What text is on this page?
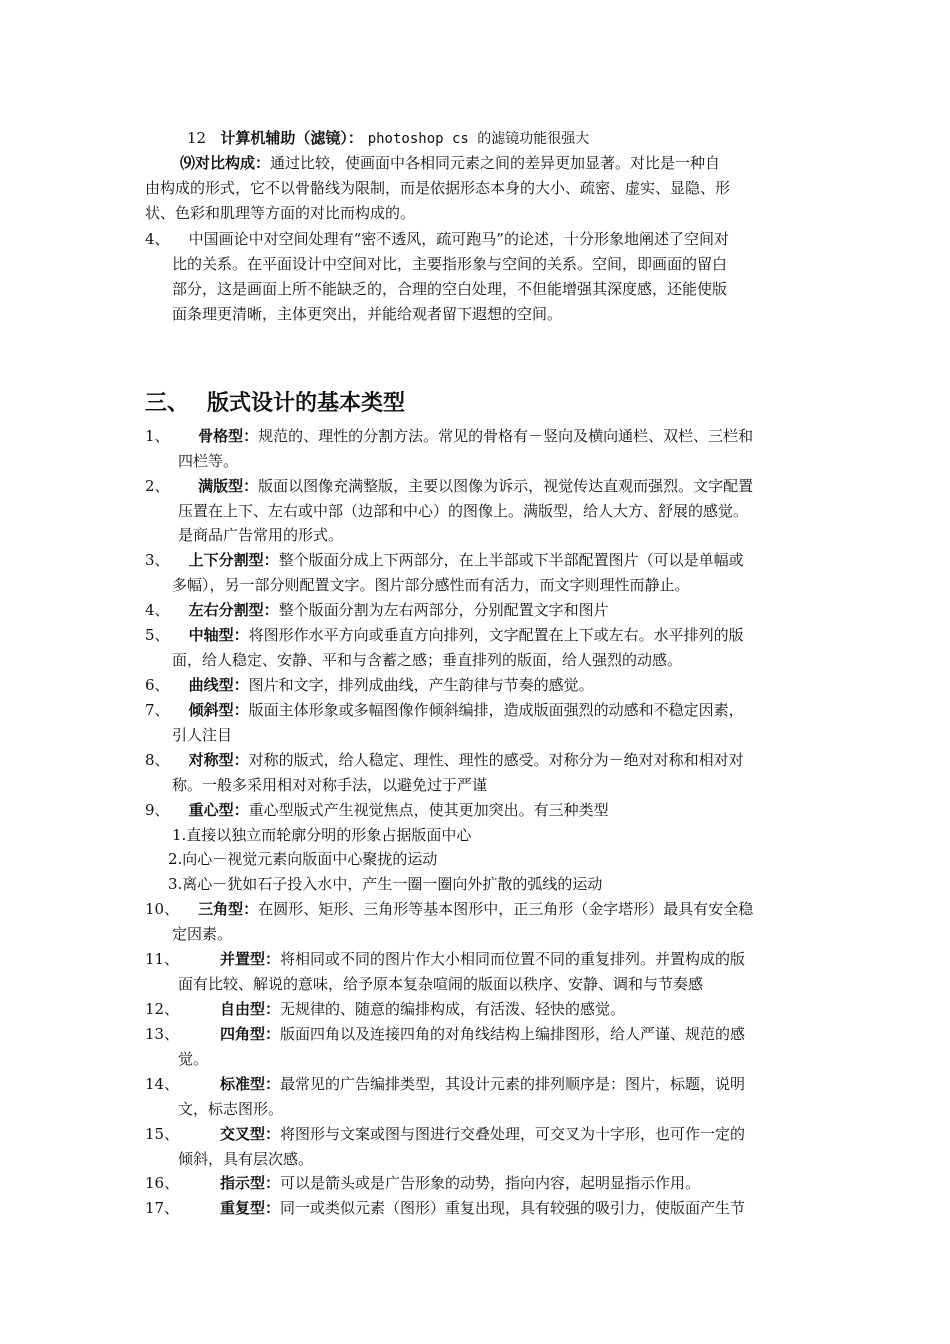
12 计算机辅助（滤镜）： photoshop cs 的滤镜功能很强大
⑼对比构成：通过比较，使画面中各相同元素之间的差异更加显著。对比是一种自
由构成的形式，它不以骨骼线为限制，而是依据形态本身的大小、疏密、虚实、显隐、形
状、色彩和肌理等方面的对比而构成的。
4、 中国画论中对空间处理有“密不透风，疏可跑马”的论述，十分形象地阐述了空间对
比的关系。在平面设计中空间对比，主要指形象与空间的关系。空间，即画面的留白
部分，这是画面上所不能缺乏的，合理的空白处理，不但能增强其深度感，还能使版
面条理更清晰，主体更突出，并能给观者留下遐想的空间。
三、 版式设计的基本类型
1、 骨格型：规范的、理性的分割方法。常见的骨格有－竖向及横向通栏、双栏、三栏和
四栏等。
2、 满版型：版面以图像充满整版，主要以图像为诉示，视觉传达直观而强烈。文字配置
压置在上下、左右或中部（边部和中心）的图像上。满版型，给人大方、舒展的感觉。
是商品广告常用的形式。
3、 上下分割型：整个版面分成上下两部分，在上半部或下半部配置图片（可以是单幅或
多幅），另一部分则配置文字。图片部分感性而有活力，而文字则理性而静止。
4、 左右分割型：整个版面分割为左右两部分，分别配置文字和图片
5、 中轴型：将图形作水平方向或垂直方向排列，文字配置在上下或左右。水平排列的版
面，给人稳定、安静、平和与含蓄之感；垂直排列的版面，给人强烈的动感。
6、 曲线型：图片和文字，排列成曲线，产生韵律与节奏的感觉。
7、 倾斜型：版面主体形象或多幅图像作倾斜编排，造成版面强烈的动感和不稳定因素，
引人注目
8、 对称型：对称的版式，给人稳定、理性、理性的感受。对称分为－绝对对称和相对对
称。一般多采用相对对称手法，以避免过于严谨
9、 重心型：重心型版式产生视觉焦点，使其更加突出。有三种类型
1.直接以独立而轮廓分明的形象占据版面中心
2.向心－视觉元素向版面中心聚拢的运动
3.离心－犹如石子投入水中，产生一圈一圈向外扩散的弧线的运动
10、 三角型：在圆形、矩形、三角形等基本图形中，正三角形（金字塔形）最具有安全稳
定因素。
11、	并置型：将相同或不同的图片作大小相同而位置不同的重复排列。并置构成的版
面有比较、解说的意味，给予原本复杂喧闹的版面以秩序、安静、调和与节奏感
12、	自由型：无规律的、随意的编排构成，有活泼、轻快的感觉。
13、	四角型：版面四角以及连接四角的对角线结构上编排图形，给人严谨、规范的感
觉。
14、	标准型：最常见的广告编排类型，其设计元素的排列顺序是：图片，标题，说明
文，标志图形。
15、	交叉型：将图形与文案或图与图进行交叠处理，可交叉为十字形，也可作一定的
倾斜，具有层次感。
16、	指示型：可以是箭头或是广告形象的动势，指向内容，起明显指示作用。
17、	重复型：同一或类似元素（图形）重复出现，具有较强的吸引力，使版面产生节
